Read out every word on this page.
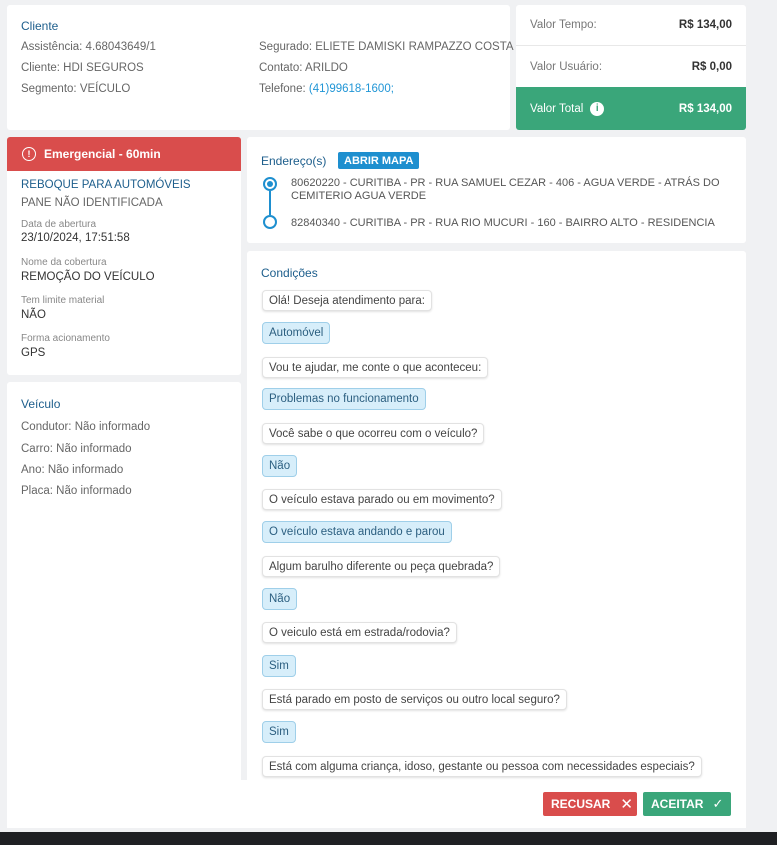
Cliente
Assistência: 4.68043649/1
Cliente: HDI SEGUROS
Segmento: VEÍCULO
Segurado: ELIETE DAMISKI RAMPAZZO COSTA
Contato: ARILDO
Telefone: (41)99618-1600;
Valor Tempo:	R$ 134,00
Valor Usuário:	R$ 0,00
Valor Total i	R$ 134,00
!	Emergencial - 60min
REBOQUE PARA AUTOMÓVEIS
PANE NÃO IDENTIFICADA
Data de abertura
23/10/2024, 17:51:58
Nome da cobertura
REMOÇÃO DO VEÍCULO
Tem limite material
NÃO
Forma acionamento
GPS
Veículo
Condutor: Não informado
Carro: Não informado
Ano: Não informado
Placa: Não informado
Endereço(s)	ABRIR MAPA
80620220 - CURITIBA - PR - RUA SAMUEL CEZAR - 406 - AGUA VERDE - ATRÁS DO CEMITERIO AGUA VERDE
82840340 - CURITIBA - PR - RUA RIO MUCURI - 160 - BAIRRO ALTO - RESIDENCIA
Condições
Olá! Deseja atendimento para:
Automóvel
Vou te ajudar, me conte o que aconteceu:
Problemas no funcionamento
Você sabe o que ocorreu com o veículo?
Não
O veículo estava parado ou em movimento?
O veículo estava andando e parou
Algum barulho diferente ou peça quebrada?
Não
O veiculo está em estrada/rodovia?
Sim
Está parado em posto de serviços ou outro local seguro?
Sim
Está com alguma criança, idoso, gestante ou pessoa com necessidades especiais?
RECUSAR ✕ ACEITAR ✓
